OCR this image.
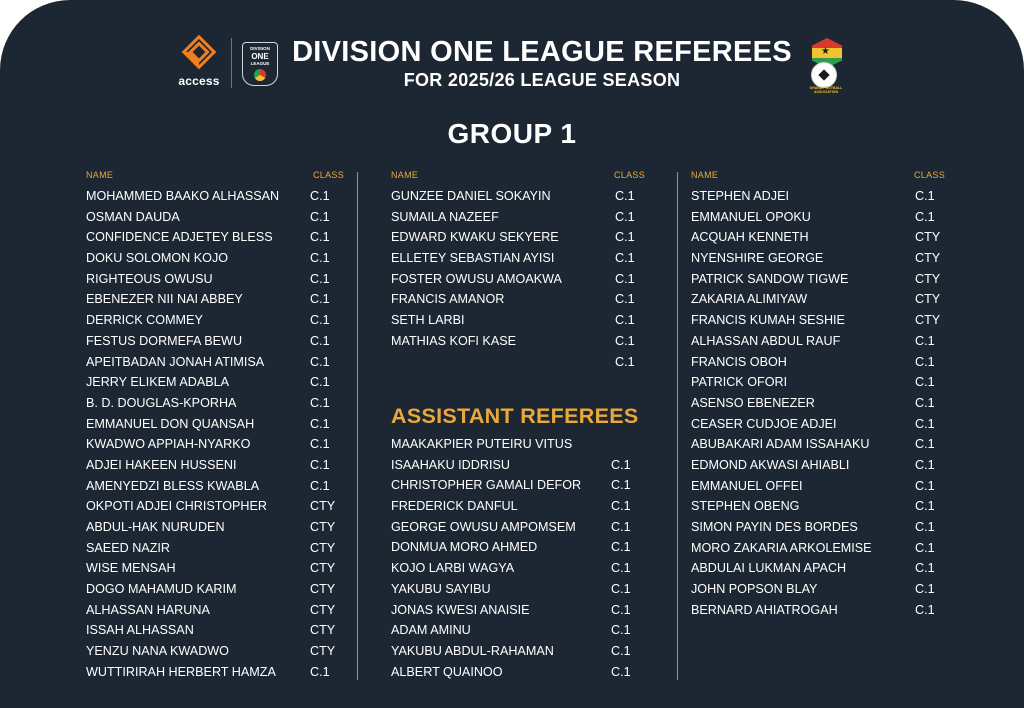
access
DIVISION
ONE
LEAGUE DIVISION ONE LEAGUE REFEREES
FOR 2025/26 LEAGUE SEASON
★
GHANA FOOTBALL ASSOCIATION
GROUP 1
NAME	CLASS
MOHAMMED BAAKO ALHASSAN C.1
OSMAN DAUDA	C.1
CONFIDENCE ADJETEY BLESS	C.1
DOKU SOLOMON KOJO	C.1
RIGHTEOUS OWUSU	C.1
EBENEZER NII NAI ABBEY	C.1
DERRICK COMMEY	C.1
FESTUS DORMEFA BEWU	C.1
APEITBADAN JONAH ATIMISA	C.1
JERRY ELIKEM ADABLA	C.1
B. D. DOUGLAS-KPORHA	C.1
EMMANUEL DON QUANSAH	C.1
KWADWO APPIAH-NYARKO	C.1
ADJEI HAKEEN HUSSENI	C.1
AMENYEDZI BLESS KWABLA	C.1
OKPOTI ADJEI CHRISTOPHER	CTY
ABDUL-HAK NURUDEN	CTY
SAEED NAZIR	CTY
WISE MENSAH	CTY
DOGO MAHAMUD KARIM	CTY
ALHASSAN HARUNA	CTY
ISSAH ALHASSAN	CTY
YENZU NANA KWADWO	CTY
WUTTIRIRAH HERBERT HAMZA	C.1
NAME	CLASS
GUNZEE DANIEL SOKAYIN	C.1
SUMAILA NAZEEF	C.1
EDWARD KWAKU SEKYERE	C.1
ELLETEY SEBASTIAN AYISI	C.1
FOSTER OWUSU AMOAKWA	C.1
FRANCIS AMANOR	C.1
SETH LARBI	C.1
MATHIAS KOFI KASE	C.1
C.1
ASSISTANT REFEREES
MAAKAKPIER PUTEIRU VITUS
ISAAHAKU IDDRISU	C.1
CHRISTOPHER GAMALI DEFOR C.1
FREDERICK DANFUL	C.1
GEORGE OWUSU AMPOMSEM	C.1
DONMUA MORO AHMED	C.1
KOJO LARBI WAGYA	C.1
YAKUBU SAYIBU	C.1
JONAS KWESI ANAISIE	C.1
ADAM AMINU	C.1
YAKUBU ABDUL-RAHAMAN	C.1
ALBERT QUAINOO	C.1
NAME	CLASS
STEPHEN ADJEI	C.1
EMMANUEL OPOKU	C.1
ACQUAH KENNETH	CTY
NYENSHIRE GEORGE	CTY
PATRICK SANDOW TIGWE	CTY
ZAKARIA ALIMIYAW	CTY
FRANCIS KUMAH SESHIE	CTY
ALHASSAN ABDUL RAUF	C.1
FRANCIS OBOH	C.1
PATRICK OFORI	C.1
ASENSO EBENEZER	C.1
CEASER CUDJOE ADJEI	C.1
ABUBAKARI ADAM ISSAHAKU	C.1
EDMOND AKWASI AHIABLI	C.1
EMMANUEL OFFEI	C.1
STEPHEN OBENG	C.1
SIMON PAYIN DES BORDES	C.1
MORO ZAKARIA ARKOLEMISE	C.1
ABDULAI LUKMAN APACH	C.1
JOHN POPSON BLAY	C.1
BERNARD AHIATROGAH	C.1
